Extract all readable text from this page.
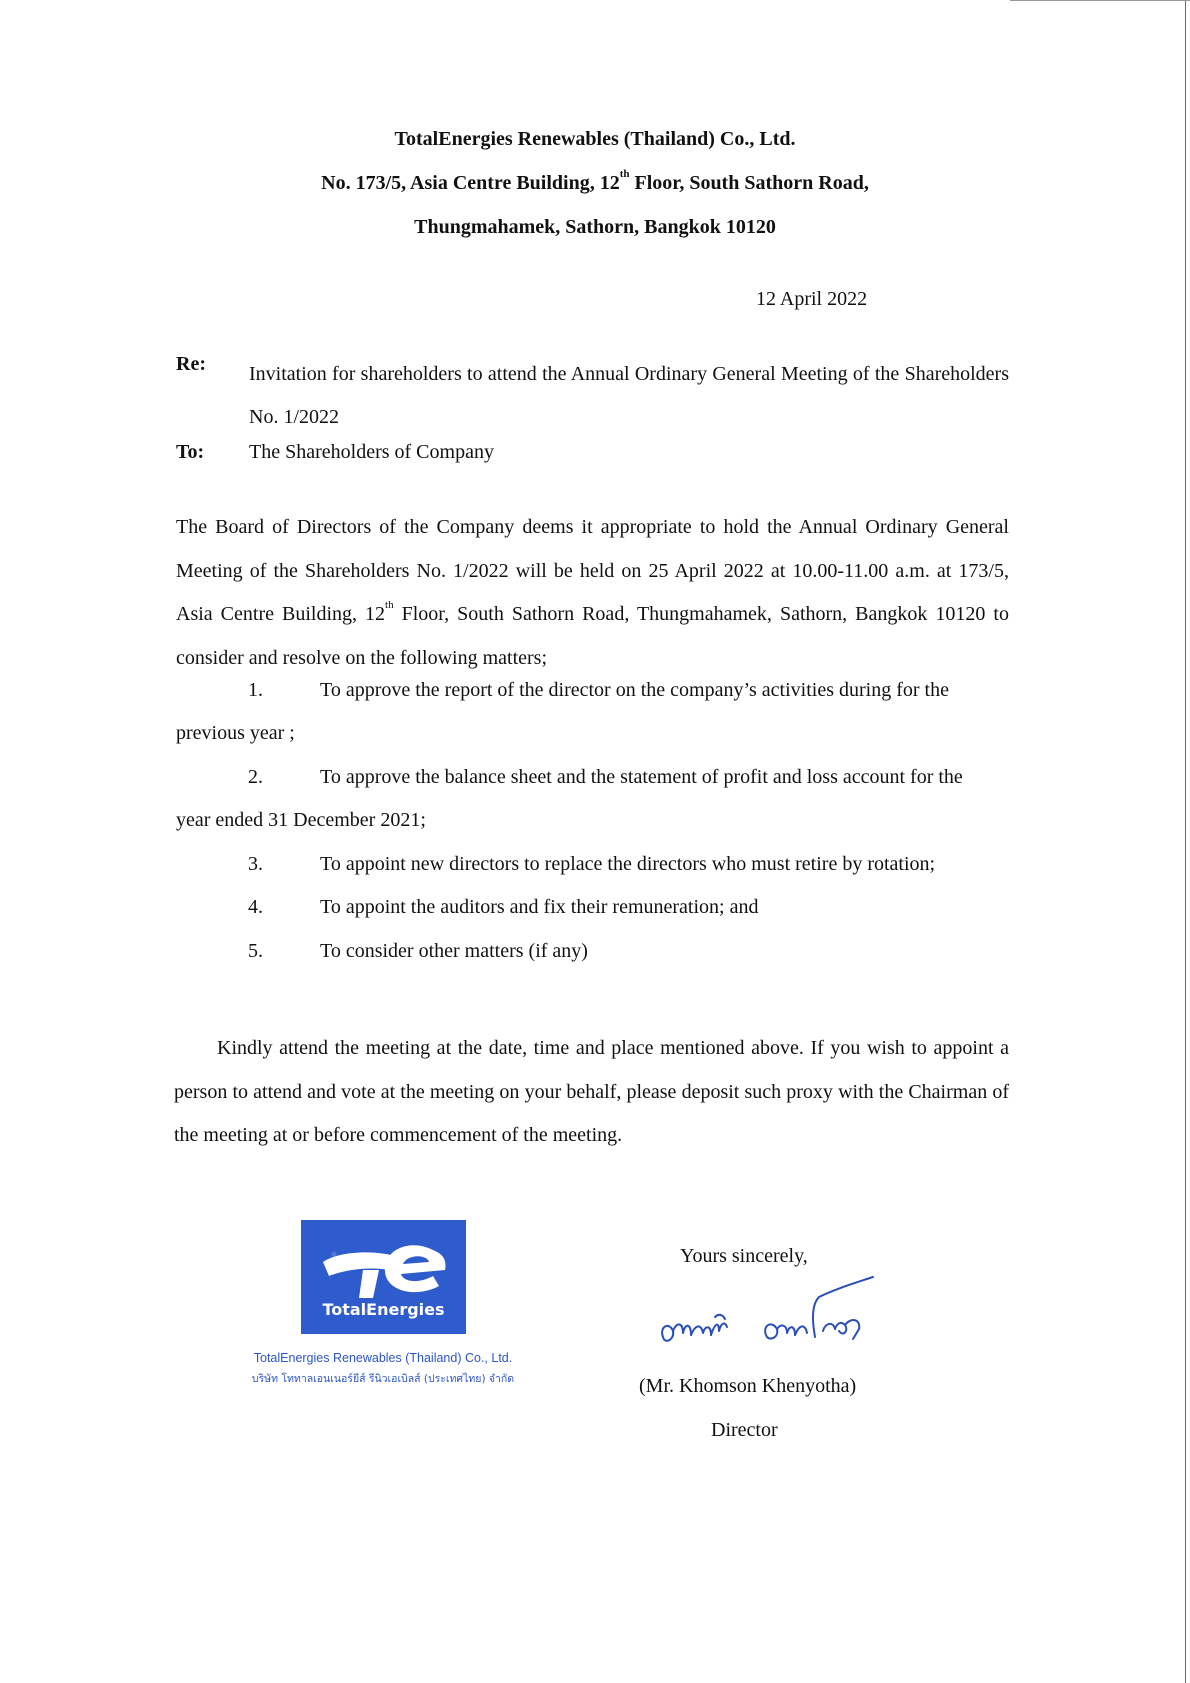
TotalEnergies Renewables (Thailand) Co., Ltd.
No. 173/5, Asia Centre Building, 12th Floor, South Sathorn Road,
Thungmahamek, Sathorn, Bangkok 10120
12 April 2022
Re: Invitation for shareholders to attend the Annual Ordinary General Meeting of the Shareholders No. 1/2022
To: The Shareholders of Company
The Board of Directors of the Company deems it appropriate to hold the Annual Ordinary General Meeting of the Shareholders No. 1/2022 will be held on 25 April 2022 at 10.00-11.00 a.m. at 173/5, Asia Centre Building, 12th Floor, South Sathorn Road, Thungmahamek, Sathorn, Bangkok 10120 to consider and resolve on the following matters;
1.	To approve the report of the director on the company’s activities during for the
previous year ;
2.	To approve the balance sheet and the statement of profit and loss account for the
year ended 31 December 2021;
3.	To appoint new directors to replace the directors who must retire by rotation;
4.	To appoint the auditors and fix their remuneration; and
5.	To consider other matters (if any)
Kindly attend the meeting at the date, time and place mentioned above. If you wish to appoint a person to attend and vote at the meeting on your behalf, please deposit such proxy with the Chairman of the meeting at or before commencement of the meeting.
TotalEnergies
TotalEnergies Renewables (Thailand) Co., Ltd.
บริษัท โททาลเอนเนอร์ยีส์ รีนิวเอเบิลส์ (ประเทศไทย) จำกัด
Yours sincerely,
(Mr. Khomson Khenyotha)
Director
